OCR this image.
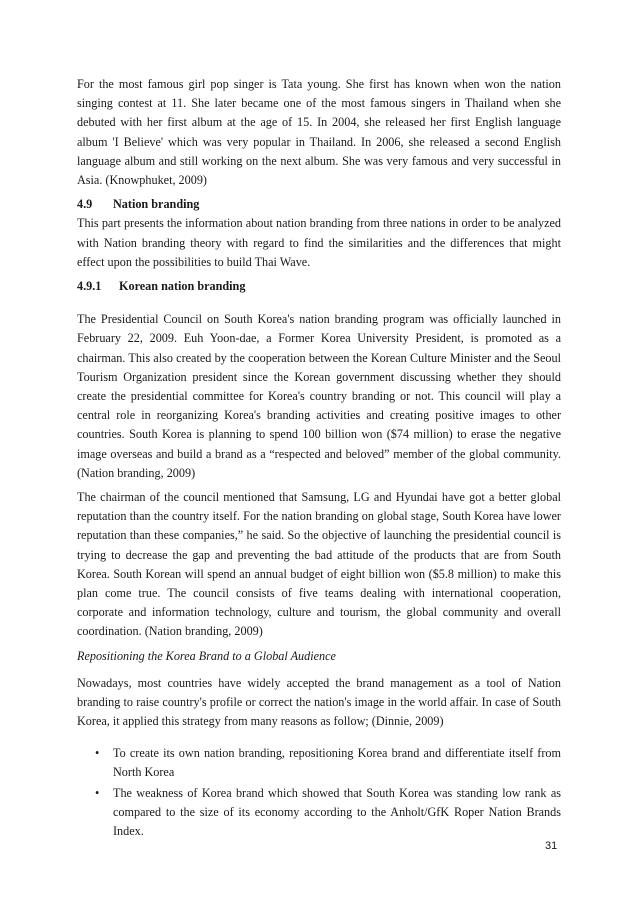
For the most famous girl pop singer is Tata young. She first has known when won the nation singing contest at 11. She later became one of the most famous singers in Thailand when she debuted with her first album at the age of 15. In 2004, she released her first English language album 'I Believe' which was very popular in Thailand. In 2006, she released a second English language album and still working on the next album. She was very famous and very successful in Asia. (Knowphuket, 2009)

4.9 Nation branding

This part presents the information about nation branding from three nations in order to be analyzed with Nation branding theory with regard to find the similarities and the differences that might effect upon the possibilities to build Thai Wave.

4.9.1 Korean nation branding

The Presidential Council on South Korea's nation branding program was officially launched in February 22, 2009. Euh Yoon-dae, a Former Korea University President, is promoted as a chairman. This also created by the cooperation between the Korean Culture Minister and the Seoul Tourism Organization president since the Korean government discussing whether they should create the presidential committee for Korea's country branding or not. This council will play a central role in reorganizing Korea's branding activities and creating positive images to other countries. South Korea is planning to spend 100 billion won ($74 million) to erase the negative image overseas and build a brand as a “respected and beloved” member of the global community. (Nation branding, 2009)

The chairman of the council mentioned that Samsung, LG and Hyundai have got a better global reputation than the country itself. For the nation branding on global stage, South Korea have lower reputation than these companies,” he said. So the objective of launching the presidential council is trying to decrease the gap and preventing the bad attitude of the products that are from South Korea. South Korean will spend an annual budget of eight billion won ($5.8 million) to make this plan come true. The council consists of five teams dealing with international cooperation, corporate and information technology, culture and tourism, the global community and overall coordination. (Nation branding, 2009)

Repositioning the Korea Brand to a Global Audience

Nowadays, most countries have widely accepted the brand management as a tool of Nation branding to raise country's profile or correct the nation's image in the world affair. In case of South Korea, it applied this strategy from many reasons as follow; (Dinnie, 2009)

• To create its own nation branding, repositioning Korea brand and differentiate itself from North Korea
• The weakness of Korea brand which showed that South Korea was standing low rank as compared to the size of its economy according to the Anholt/GfK Roper Nation Brands Index.
31
